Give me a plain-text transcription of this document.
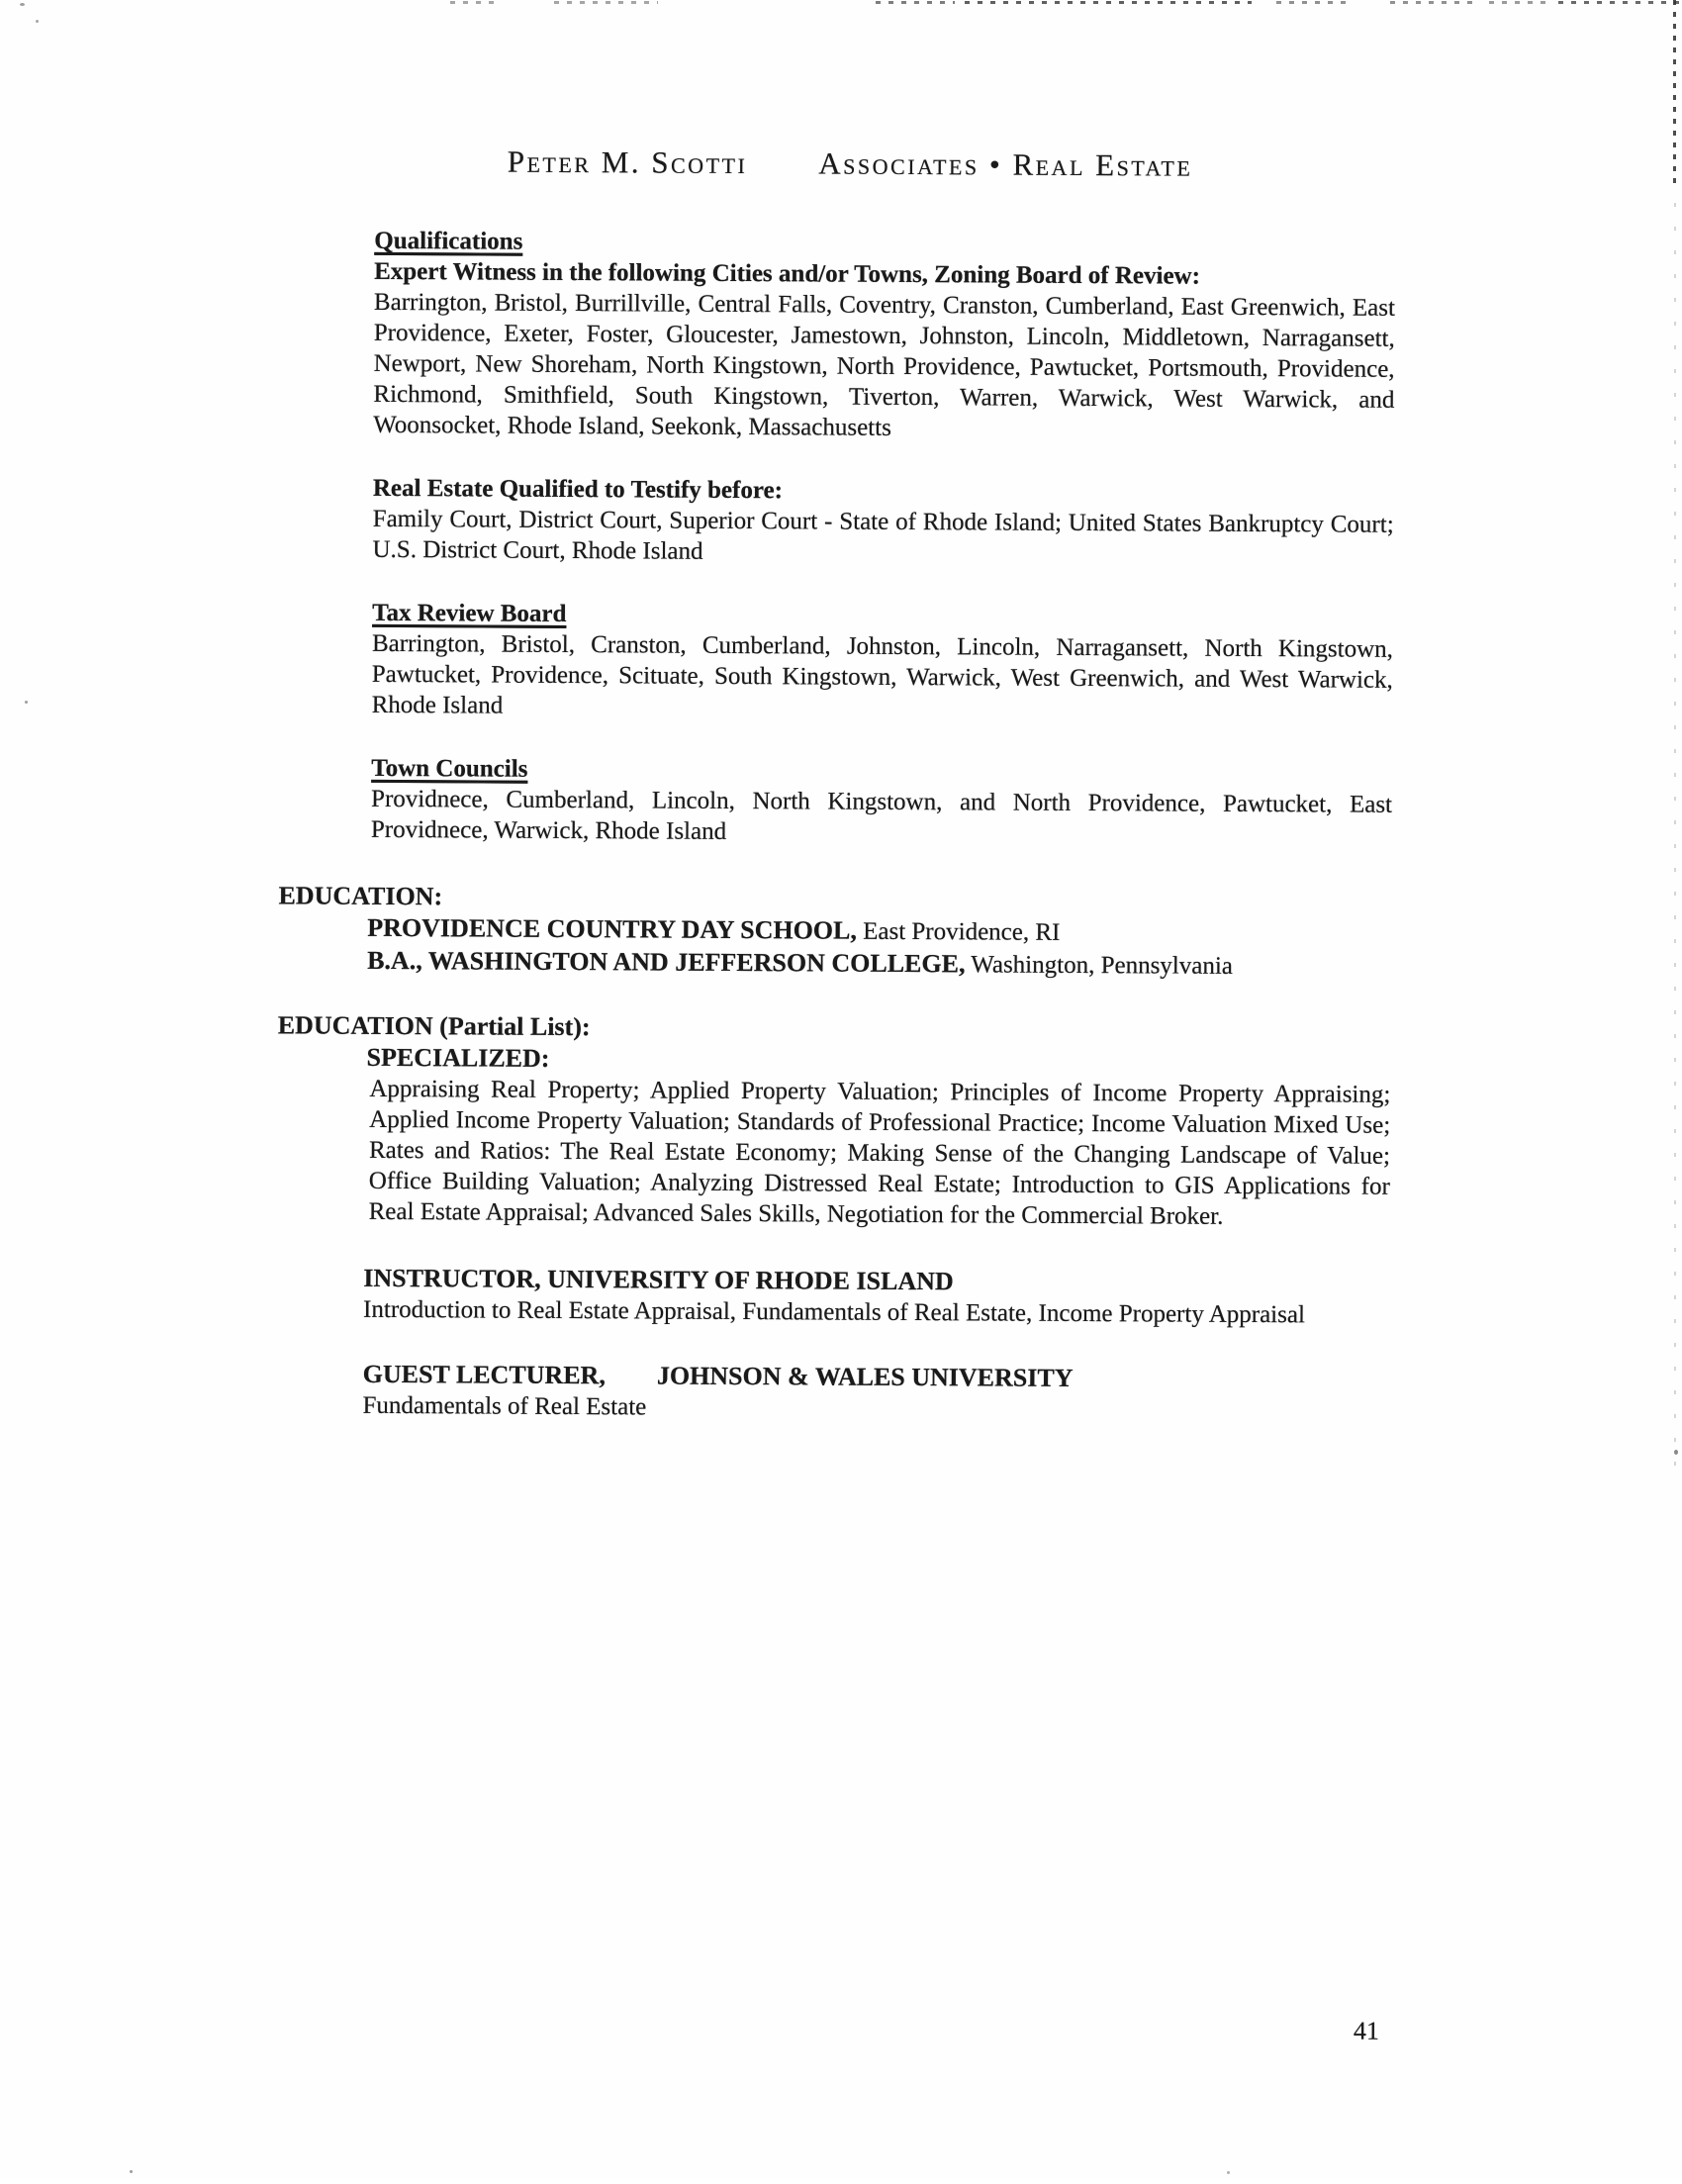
Peter M. Scotti Associates • Real Estate
Qualifications
Expert Witness in the following Cities and/or Towns, Zoning Board of Review:
Barrington, Bristol, Burrillville, Central Falls, Coventry, Cranston, Cumberland, East Greenwich, East Providence, Exeter, Foster, Gloucester, Jamestown, Johnston, Lincoln, Middletown, Narragansett, Newport, New Shoreham, North Kingstown, North Providence, Pawtucket, Portsmouth, Providence, Richmond, Smithfield, South Kingstown, Tiverton, Warren, Warwick, West Warwick, and Woonsocket, Rhode Island, Seekonk, Massachusetts
Real Estate Qualified to Testify before:
Family Court, District Court, Superior Court - State of Rhode Island; United States Bankruptcy Court; U.S. District Court, Rhode Island
Tax Review Board
Barrington, Bristol, Cranston, Cumberland, Johnston, Lincoln, Narragansett, North Kingstown, Pawtucket, Providence, Scituate, South Kingstown, Warwick, West Greenwich, and West Warwick, Rhode Island
Town Councils
Providnece, Cumberland, Lincoln, North Kingstown, and North Providence, Pawtucket, East Providnece, Warwick, Rhode Island
EDUCATION:
PROVIDENCE COUNTRY DAY SCHOOL, East Providence, RI
B.A., WASHINGTON AND JEFFERSON COLLEGE, Washington, Pennsylvania
EDUCATION (Partial List):
SPECIALIZED:
Appraising Real Property; Applied Property Valuation; Principles of Income Property Appraising; Applied Income Property Valuation; Standards of Professional Practice; Income Valuation Mixed Use; Rates and Ratios: The Real Estate Economy; Making Sense of the Changing Landscape of Value; Office Building Valuation; Analyzing Distressed Real Estate; Introduction to GIS Applications for Real Estate Appraisal; Advanced Sales Skills, Negotiation for the Commercial Broker.
INSTRUCTOR, UNIVERSITY OF RHODE ISLAND
Introduction to Real Estate Appraisal, Fundamentals of Real Estate, Income Property Appraisal
GUEST LECTURER, JOHNSON & WALES UNIVERSITY
Fundamentals of Real Estate
41
